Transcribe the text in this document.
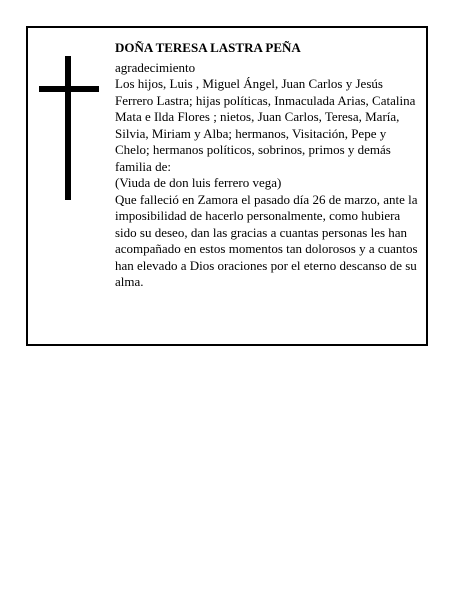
DOÑA TERESA LASTRA PEÑA

agradecimiento

Los hijos, Luis , Miguel Ángel, Juan Carlos y Jesús Ferrero Lastra; hijas políticas, Inmaculada Arias, Catalina Mata e Ilda Flores ; nietos, Juan Carlos, Teresa, María, Silvia, Miriam y Alba; hermanos, Visitación, Pepe y Chelo; hermanos políticos, sobrinos, primos y demás familia de:

(Viuda de don luis ferrero vega)

Que falleció en Zamora el pasado día 26 de marzo, ante la imposibilidad de hacerlo personalmente, como hubiera sido su deseo, dan las gracias a cuantas personas les han acompañado en estos momentos tan dolorosos y a cuantos han elevado a Dios oraciones por el eterno descanso de su alma.
